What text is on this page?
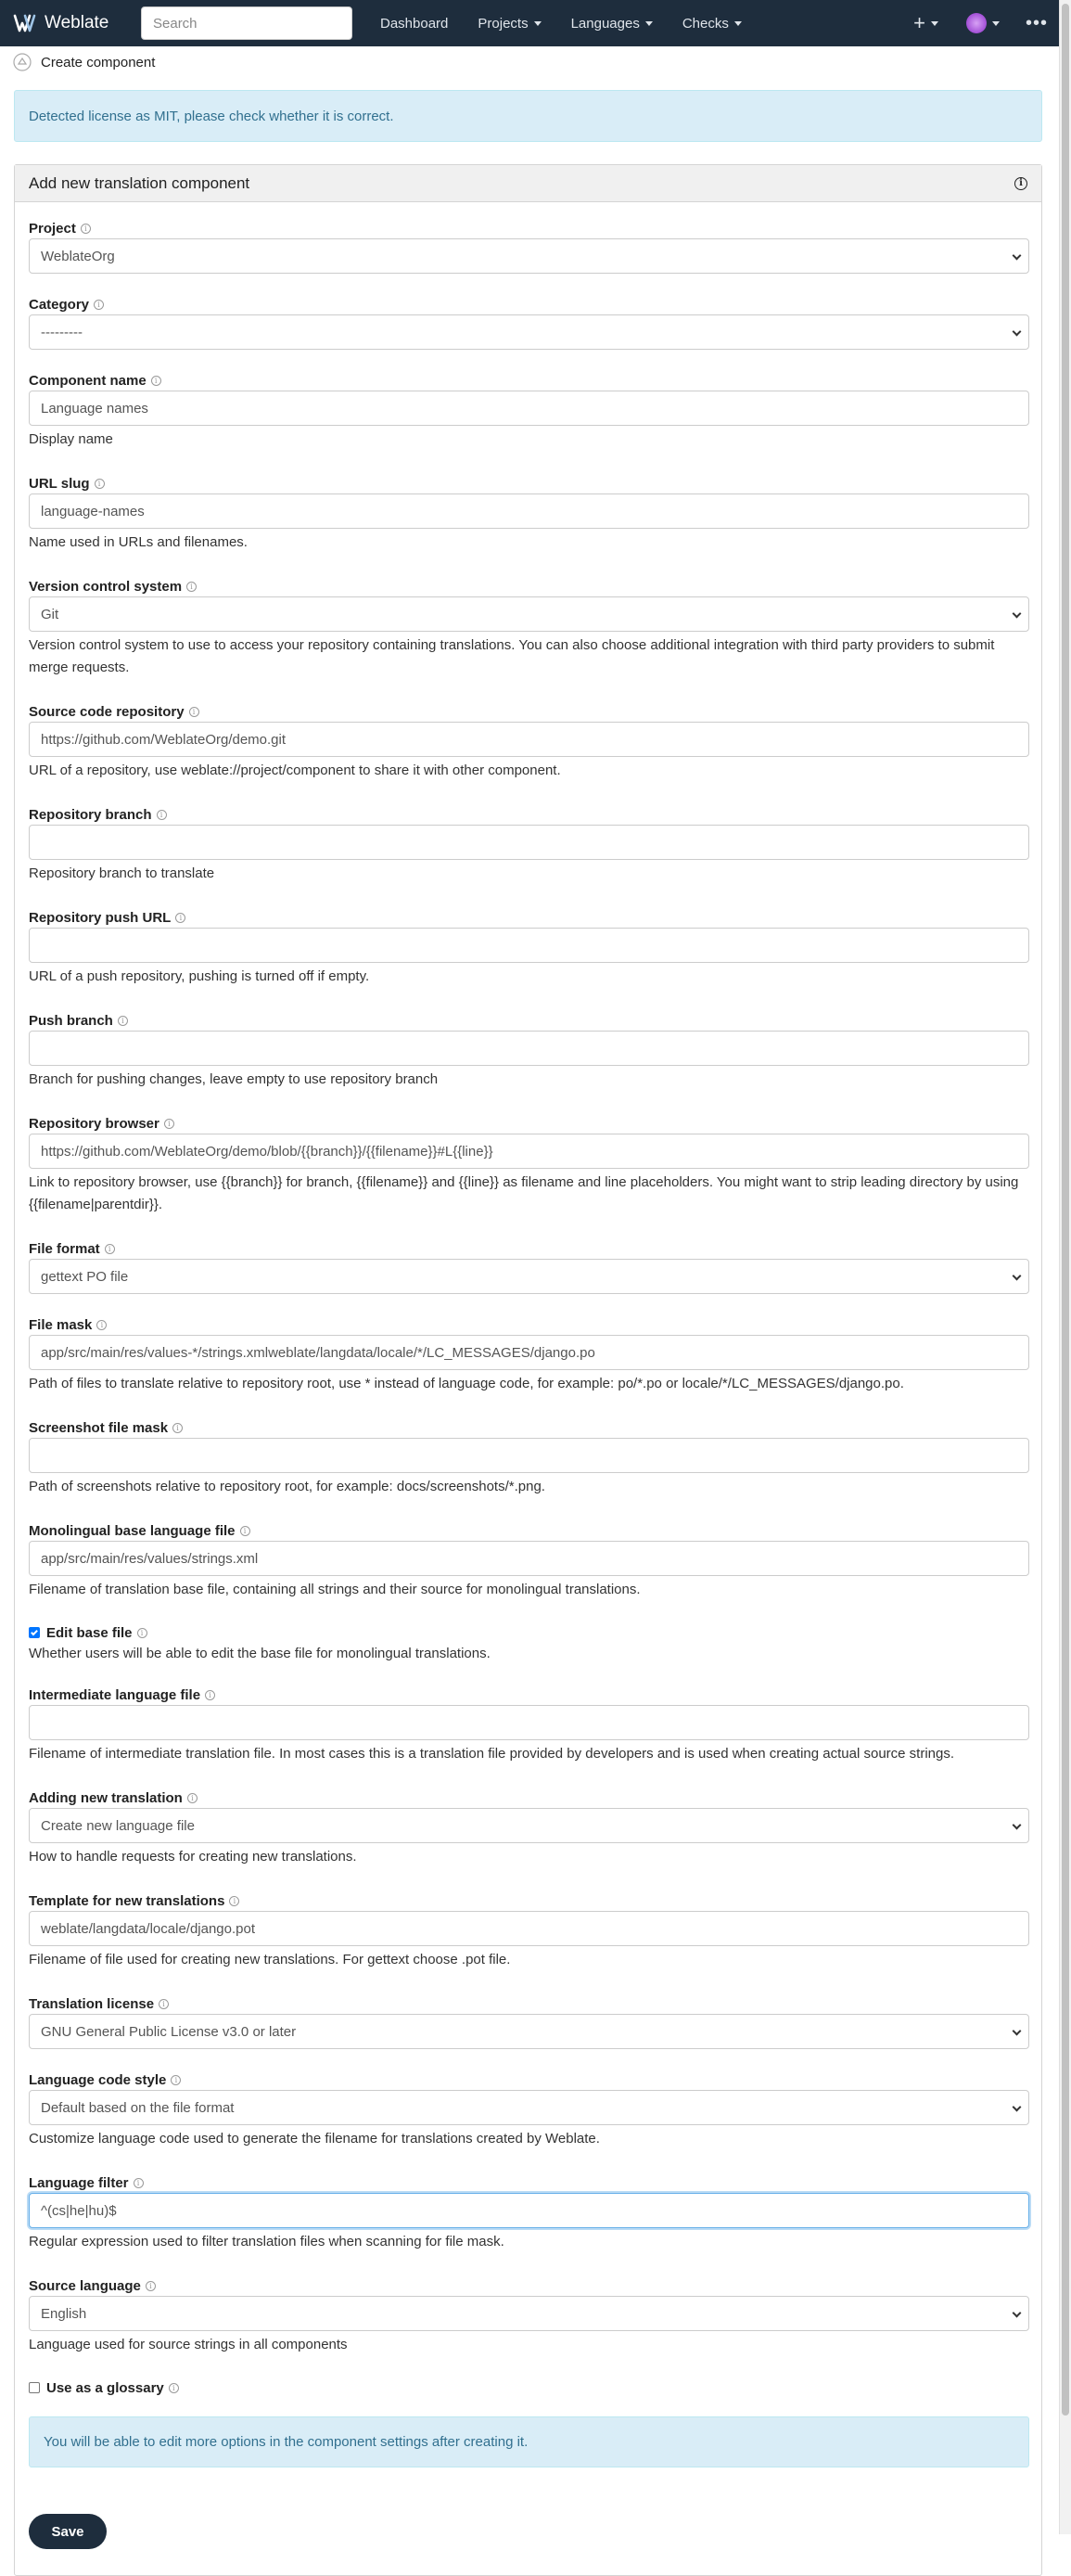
Weblate
Search	Dashboard Projects	Languages	Checks	+	•••
Create component
Detected license as MIT, please check whether it is correct.
Add new translation component	i
Project	i
WeblateOrg
Category	i
---------
Component name	i
Language names
Display name
URL slug	i
language-names
Name used in URLs and filenames.
Version control system	i
Git
Version control system to use to access your repository containing translations. You can also choose additional integration with third party providers to submit merge requests.
Source code repository	i
https://github.com/WeblateOrg/demo.git
URL of a repository, use weblate://project/component to share it with other component.
Repository branch	i
Repository branch to translate
Repository push URL	i
URL of a push repository, pushing is turned off if empty.
Push branch	i
Branch for pushing changes, leave empty to use repository branch
Repository browser	i
https://github.com/WeblateOrg/demo/blob/{{branch}}/{{filename}}#L{{line}}
Link to repository browser, use {{branch}} for branch, {{filename}} and {{line}} as filename and line placeholders. You might want to strip leading directory by using {{filename|parentdir}}.
File format	i
gettext PO file
File mask	i
app/src/main/res/values-*/strings.xmlweblate/langdata/locale/*/LC_MESSAGES/django.po
Path of files to translate relative to repository root, use * instead of language code, for example: po/*.po or locale/*/LC_MESSAGES/django.po.
Screenshot file mask	i
Path of screenshots relative to repository root, for example: docs/screenshots/*.png.
Monolingual base language file	i
app/src/main/res/values/strings.xml
Filename of translation base file, containing all strings and their source for monolingual translations.
Edit base file	i
Whether users will be able to edit the base file for monolingual translations.
Intermediate language file	i
Filename of intermediate translation file. In most cases this is a translation file provided by developers and is used when creating actual source strings.
Adding new translation	i
Create new language file
How to handle requests for creating new translations.
Template for new translations	i
weblate/langdata/locale/django.pot
Filename of file used for creating new translations. For gettext choose .pot file.
Translation license	i
GNU General Public License v3.0 or later
Language code style	i
Default based on the file format
Customize language code used to generate the filename for translations created by Weblate.
Language filter	i
^(cs|he|hu)$
Regular expression used to filter translation files when scanning for file mask.
Source language	i
English
Language used for source strings in all components
Use as a glossary	i
You will be able to edit more options in the component settings after creating it.
Save
